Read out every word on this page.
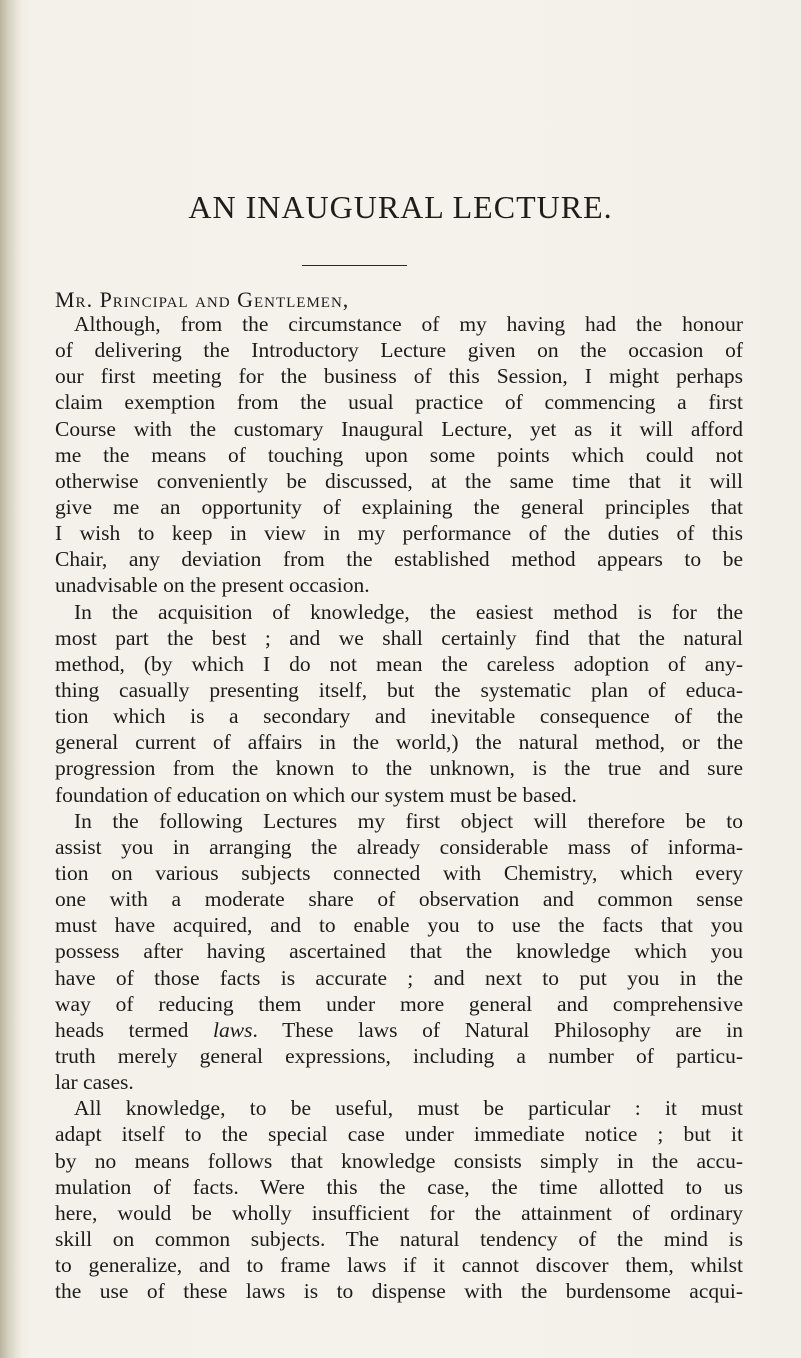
AN INAUGURAL LECTURE.
Mr. Principal and Gentlemen,
Although, from the circumstance of my having had the honour
of delivering the Introductory Lecture given on the occasion of
our first meeting for the business of this Session, I might perhaps
claim exemption from the usual practice of commencing a first
Course with the customary Inaugural Lecture, yet as it will afford
me the means of touching upon some points which could not
otherwise conveniently be discussed, at the same time that it will
give me an opportunity of explaining the general principles that
I wish to keep in view in my performance of the duties of this
Chair, any deviation from the established method appears to be
unadvisable on the present occasion.
In the acquisition of knowledge, the easiest method is for the
most part the best ; and we shall certainly find that the natural
method, (by which I do not mean the careless adoption of any-
thing casually presenting itself, but the systematic plan of educa-
tion which is a secondary and inevitable consequence of the
general current of affairs in the world,) the natural method, or the
progression from the known to the unknown, is the true and sure
foundation of education on which our system must be based.
In the following Lectures my first object will therefore be to
assist you in arranging the already considerable mass of informa-
tion on various subjects connected with Chemistry, which every
one with a moderate share of observation and common sense
must have acquired, and to enable you to use the facts that you
possess after having ascertained that the knowledge which you
have of those facts is accurate ; and next to put you in the
way of reducing them under more general and comprehensive
heads termed laws. These laws of Natural Philosophy are in
truth merely general expressions, including a number of particu-
lar cases.
All knowledge, to be useful, must be particular : it must
adapt itself to the special case under immediate notice ; but it
by no means follows that knowledge consists simply in the accu-
mulation of facts. Were this the case, the time allotted to us
here, would be wholly insufficient for the attainment of ordinary
skill on common subjects. The natural tendency of the mind is
to generalize, and to frame laws if it cannot discover them, whilst
the use of these laws is to dispense with the burdensome acqui-
